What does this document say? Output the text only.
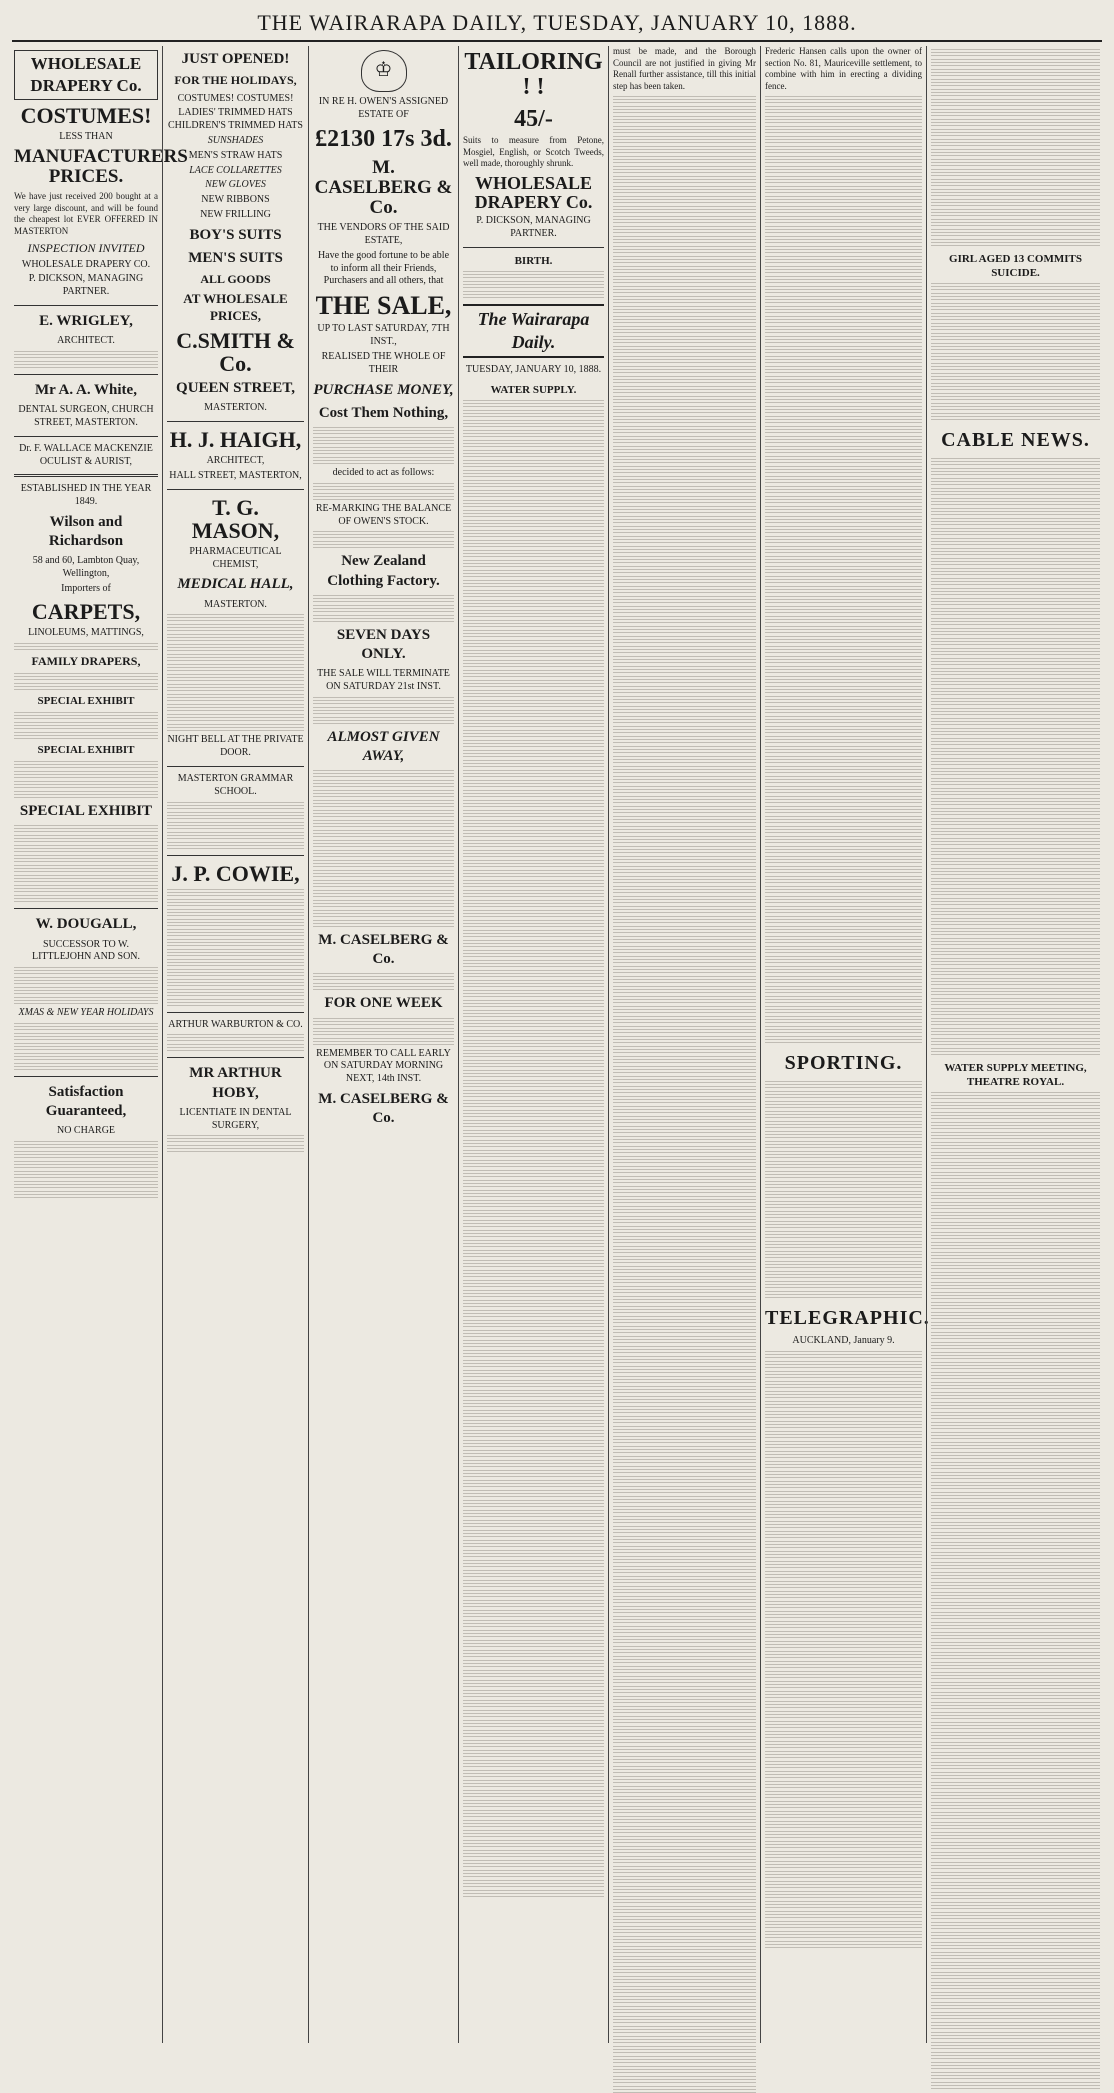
THE WAIRARAPA DAILY, TUESDAY, JANUARY 10, 1888.
WHOLESALE DRAPERY Co.
COSTUMES!
LESS THAN
MANUFACTURERS PRICES.

We have just received 200 bought at a very large discount, and will be found the cheapest lot EVER OFFERED IN MASTERTON

INSPECTION INVITED
WHOLESALE DRAPERY CO.
P. DICKSON, MANAGING PARTNER.
E. WRIGLEY,
ARCHITECT.
Mr A. A. White,
DENTAL SURGEON, CHURCH STREET, MASTERTON.
Dr. F. WALLACE MACKENZIE OCULIST & AURIST,
ESTABLISHED IN THE YEAR 1849.
Wilson and Richardson
58 and 60, Lambton Quay, Wellington,
Importers of
CARPETS,
LINOLEUMS, MATTINGS,
FAMILY DRAPERS,
SPECIAL EXHIBIT
SPECIAL EXHIBIT
SPECIAL EXHIBIT
W. DOUGALL,
SUCCESSOR TO W. LITTLEJOHN AND SON.
XMAS & NEW YEAR HOLIDAYS
Satisfaction Guaranteed,
NO CHARGE
JUST OPENED!
FOR THE HOLIDAYS,
COSTUMES! COSTUMES!
LADIES' TRIMMED HATS CHILDREN'S TRIMMED HATS
SUNSHADES
MEN'S STRAW HATS
LACE COLLARETTES
NEW GLOVES
NEW RIBBONS
NEW FRILLING
BOY'S SUITS
MEN'S SUITS
ALL GOODS
AT WHOLESALE PRICES,
C.SMITH & Co.
QUEEN STREET,
MASTERTON.
H. J. HAIGH,
ARCHITECT,
HALL STREET, MASTERTON,
T. G. MASON,
PHARMACEUTICAL CHEMIST,
MEDICAL HALL,
MASTERTON.
NIGHT BELL AT THE PRIVATE DOOR.
MASTERTON GRAMMAR SCHOOL.
J. P. COWIE,
ARTHUR WARBURTON & CO.
MR ARTHUR HOBY,
LICENTIATE IN DENTAL SURGERY,
♔
IN RE H. OWEN'S ASSIGNED ESTATE OF
£2130 17s 3d.
M. CASELBERG & Co.
THE VENDORS OF THE SAID ESTATE,

Have the good fortune to be able to inform all their Friends, Purchasers and all others, that

THE SALE,
UP TO LAST SATURDAY, 7TH INST.,
REALISED THE WHOLE OF THEIR
PURCHASE MONEY,
Cost Them Nothing,
decided to act as follows:
RE-MARKING THE BALANCE OF OWEN'S STOCK.
New Zealand Clothing Factory.
SEVEN DAYS ONLY.
THE SALE WILL TERMINATE ON SATURDAY 21st INST.
ALMOST GIVEN AWAY,
M. CASELBERG & Co.
FOR ONE WEEK
REMEMBER TO CALL EARLY ON SATURDAY MORNING NEXT, 14th INST.
M. CASELBERG & Co.
TAILORING ! !
45/-

Suits to measure from Petone, Mosgiel, English, or Scotch Tweeds, well made, thoroughly shrunk.

WHOLESALE DRAPERY Co.
P. DICKSON, MANAGING PARTNER.
BIRTH.
The Wairarapa Daily.
TUESDAY, JANUARY 10, 1888.
WATER SUPPLY.

must be made, and the Borough Council are not justified in giving Mr Renall further assistance, till this initial step has been taken.

Frederic Hansen calls upon the owner of section No. 81, Mauriceville settlement, to combine with him in erecting a dividing fence.

SPORTING.
TELEGRAPHIC.
AUCKLAND, January 9.
GIRL AGED 13 COMMITS SUICIDE.
CABLE NEWS.
WATER SUPPLY MEETING, THEATRE ROYAL.
